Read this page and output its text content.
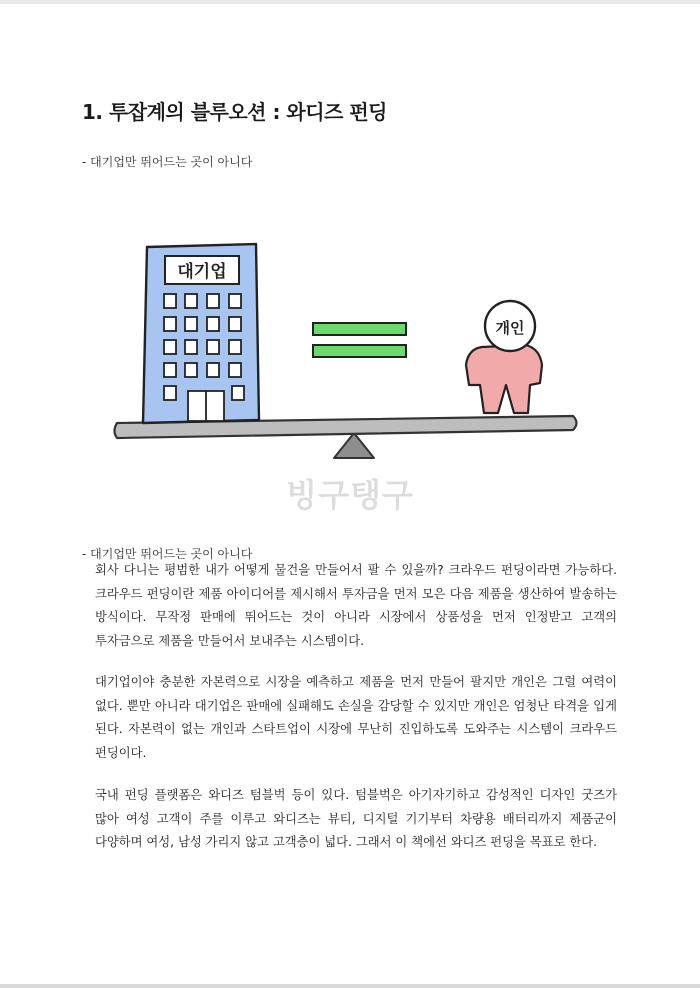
1. 투잡계의 블루오션 : 와디즈 펀딩
- 대기업만 뛰어드는 곳이 아니다
대기업
개인
빙구탱구
- 대기업만 뛰어드는 곳이 아니다
회사 다니는 평범한 내가 어떻게 물건을 만들어서 팔 수 있을까? 크라우드 펀딩이라면 가능하다. 크라우드 펀딩이란 제품 아이디어를 제시해서 투자금을 먼저 모은 다음 제품을 생산하여 발송하는 방식이다. 무작정 판매에 뛰어드는 것이 아니라 시장에서 상품성을 먼저 인정받고 고객의 투자금으로 제품을 만들어서 보내주는 시스템이다.
대기업이야 충분한 자본력으로 시장을 예측하고 제품을 먼저 만들어 팔지만 개인은 그럴 여력이 없다. 뿐만 아니라 대기업은 판매에 실패해도 손실을 감당할 수 있지만 개인은 엄청난 타격을 입게 된다. 자본력이 없는 개인과 스타트업이 시장에 무난히 진입하도록 도와주는 시스템이 크라우드 펀딩이다.
국내 펀딩 플랫폼은 와디즈 텀블벅 등이 있다. 텀블벅은 아기자기하고 감성적인 디자인 굿즈가 많아 여성 고객이 주를 이루고 와디즈는 뷰티, 디지털 기기부터 차량용 배터리까지 제품군이 다양하며 여성, 남성 가리지 않고 고객층이 넓다. 그래서 이 책에선 와디즈 펀딩을 목표로 한다.
